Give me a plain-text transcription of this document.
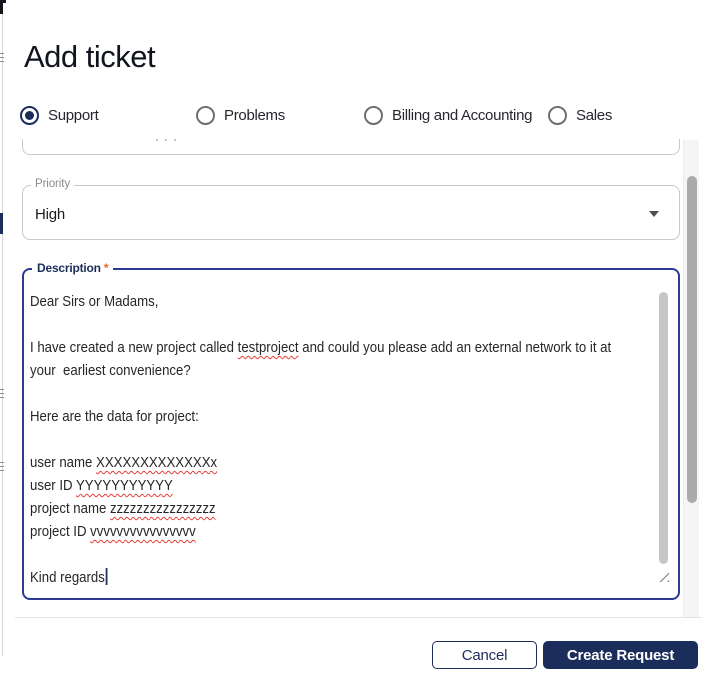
Add ticket
Support	Problems	Billing and Accounting	Sales
Priority
High
Description *
Dear Sirs or Madams,
I have created a new project called testproject and could you please add an external network to it at
your  earliest convenience?
Here are the data for project:
user name XXXXXXXXXXXXXx
user ID YYYYYYYYYYY
project name zzzzzzzzzzzzzzzz
project ID vvvvvvvvvvvvvvvv
Kind regards
Cancel	Create Request
